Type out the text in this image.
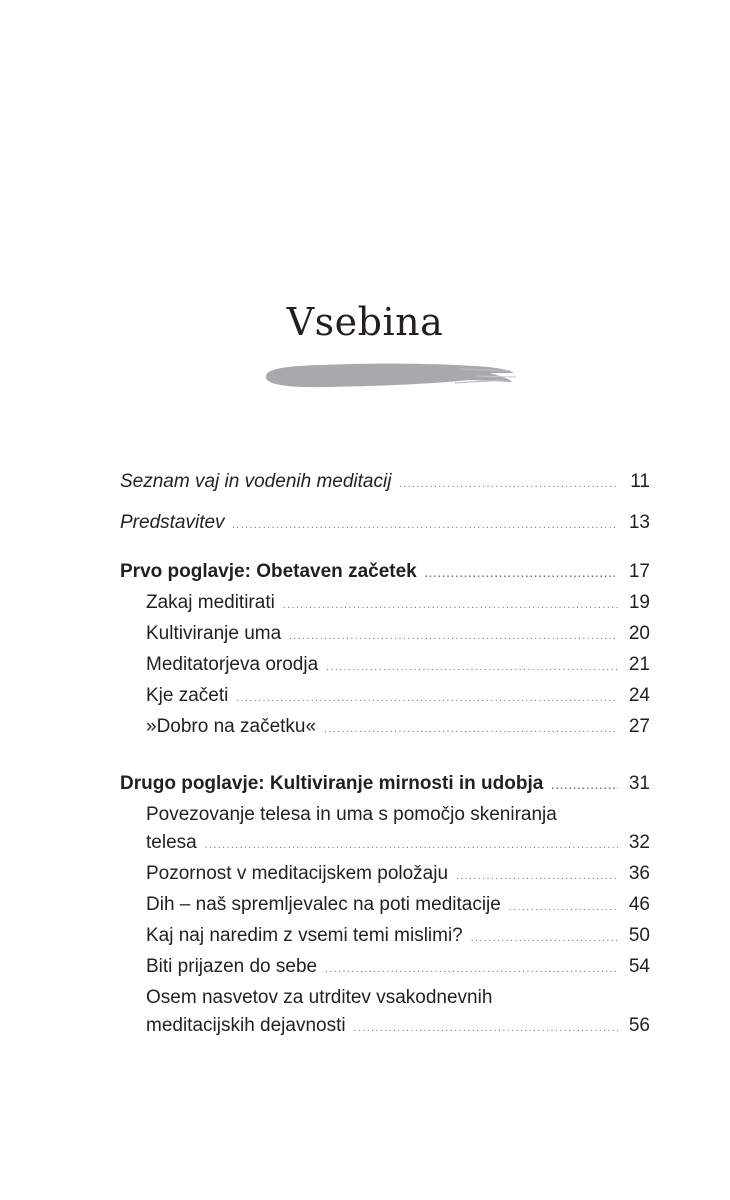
Vsebina
Seznam vaj in vodenih meditacij .....	11
Predstavitev .....	13
Prvo poglavje: Obetaven začetek .....	17
Zakaj meditirati .....	19
Kultiviranje uma .....	20
Meditatorjeva orodja .....	21
Kje začeti .....	24
»Dobro na začetku« .....	27
Drugo poglavje: Kultiviranje mirnosti in udobja .....	31
Povezovanje telesa in uma s pomočjo skeniranja
telesa .....	32
Pozornost v meditacijskem položaju .....	36
Dih – naš spremljevalec na poti meditacije .....	46
Kaj naj naredim z vsemi temi mislimi? .....	50
Biti prijazen do sebe .....	54
Osem nasvetov za utrditev vsakodnevnih
meditacijskih dejavnosti .....	56
